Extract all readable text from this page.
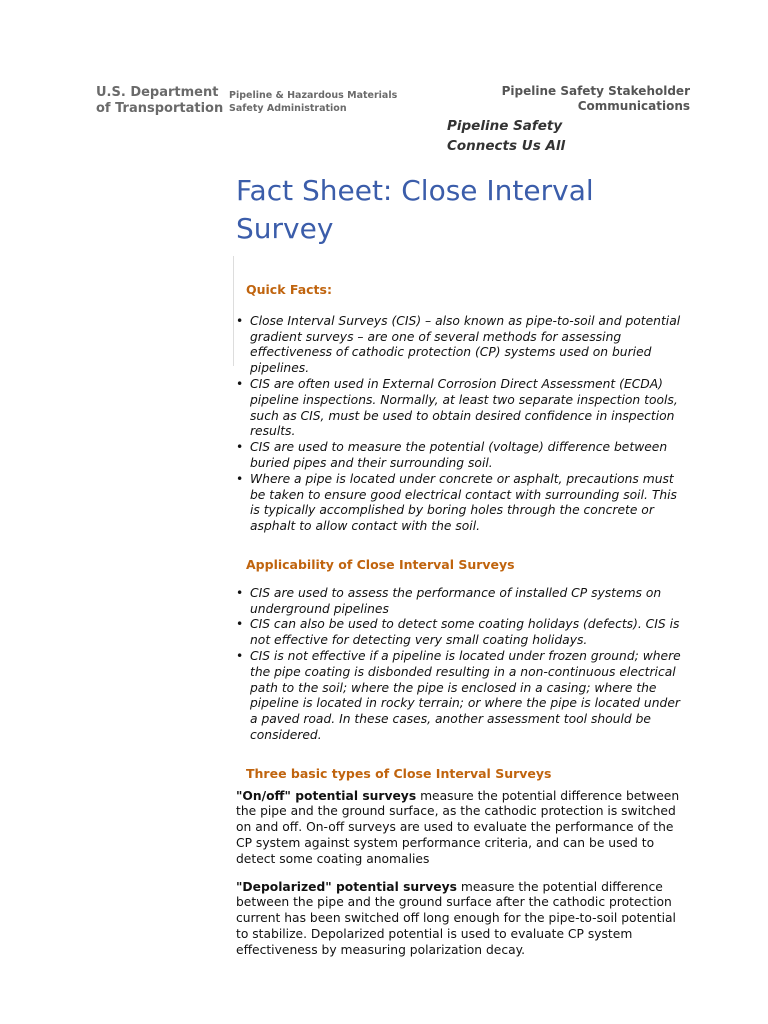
U.S. Department
of Transportation
Pipeline & Hazardous Materials
Safety Administration
Pipeline Safety Stakeholder
Communications
Pipeline Safety
Connects Us All
Fact Sheet: Close Interval
Survey
Quick Facts:
• Close Interval Surveys (CIS) – also known as pipe-to-soil and potential gradient surveys – are one of several methods for assessing effectiveness of cathodic protection (CP) systems used on buried pipelines.
• CIS are often used in External Corrosion Direct Assessment (ECDA) pipeline inspections. Normally, at least two separate inspection tools, such as CIS, must be used to obtain desired confidence in inspection results.
• CIS are used to measure the potential (voltage) difference between buried pipes and their surrounding soil.
• Where a pipe is located under concrete or asphalt, precautions must be taken to ensure good electrical contact with surrounding soil. This is typically accomplished by boring holes through the concrete or asphalt to allow contact with the soil.
Applicability of Close Interval Surveys
• CIS are used to assess the performance of installed CP systems on underground pipelines
• CIS can also be used to detect some coating holidays (defects). CIS is not effective for detecting very small coating holidays.
• CIS is not effective if a pipeline is located under frozen ground; where the pipe coating is disbonded resulting in a non-continuous electrical path to the soil; where the pipe is enclosed in a casing; where the pipeline is located in rocky terrain; or where the pipe is located under a paved road. In these cases, another assessment tool should be considered.
Three basic types of Close Interval Surveys

"On/off" potential surveys measure the potential difference between the pipe and the ground surface, as the cathodic protection is switched on and off. On-off surveys are used to evaluate the performance of the CP system against system performance criteria, and can be used to detect some coating anomalies

"Depolarized" potential surveys measure the potential difference between the pipe and the ground surface after the cathodic protection current has been switched off long enough for the pipe-to-soil potential to stabilize. Depolarized potential is used to evaluate CP system effectiveness by measuring polarization decay.
